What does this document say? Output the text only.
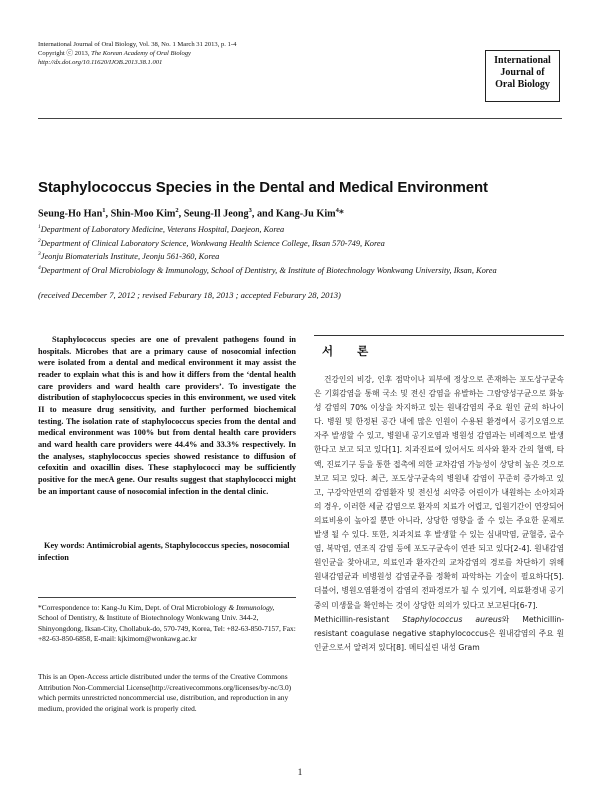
International Journal of Oral Biology, Vol. 38, No. 1 March 31 2013, p. 1-4
Copyright ⓒ 2013, The Korean Academy of Oral Biology
http://dx.doi.org/10.11620/IJOB.2013.38.1.001	International
Journal of
Oral Biology
Staphylococcus Species in the Dental and Medical Environment
Seung-Ho Han$^1$, Shin-Moo Kim$^2$, Seung-Il Jeong$^3$, and Kang-Ju Kim$^4$*
$^1$Department of Laboratory Medicine, Veterans Hospital, Daejeon, Korea
$^2$Department of Clinical Laboratory Science, Wonkwang Health Science College, Iksan 570-749, Korea
$^3$Jeonju Biomaterials Institute, Jeonju 561-360, Korea
$^4$Department of Oral Microbiology & Immunology, School of Dentistry, & Institute of Biotechnology Wonkwang University, Iksan, Korea
(received December 7, 2012 ; revised Feburary 18, 2013 ; accepted Feburary 28, 2013)

Staphylococcus species are one of prevalent pathogens found in hospitals. Microbes that are a primary cause of nosocomial infection were isolated from a dental and medical environment it may assist the reader to explain what this is and how it differs from the ‘dental health care providers and ward health care providers’. To investigate the distribution of staphylococcus species in this environment, we used vitek II to measure drug sensitivity, and further performed biochemical testing. The isolation rate of staphylococcus species from the dental and medical environment was 100% but from dental health care providers and ward health care providers were 44.4% and 33.3% respectively. In the analyses, staphylococcus species showed resistance to diffusion of cefoxitin and oxacillin dises. These staphylococci may be sufficiently positive for the mecA gene. Our results suggest that staphylococci might be an important cause of nosocomial infection in the dental clinic.

Key words: Antimicrobial agents, Staphylococcus species, nosocomial infection

*Correspondence to: Kang-Ju Kim, Dept. of Oral Microbiology & Immunology, School of Dentistry, & Institute of Biotechnology Wonkwang Univ. 344-2, Shinyongdong, Iksan-City, Chollabuk-do, 570-749, Korea, Tel: +82-63-850-7157, Fax: +82-63-850-6858, E-mail: kjkimom@wonkawg.ac.kr

This is an Open-Access article distributed under the terms of the Creative Commons Attribution Non-Commercial License(http://creativecommons.org/licenses/by-nc/3.0) which permits unrestricted noncommercial use, distribution, and reproduction in any medium, provided the original work is properly cited.

서 론

건강인의 비강, 인후 점막이나 피부에 정상으로 존재하는 포도상구균속은 기회감염을 통해 국소 및 전신 감염을 유발하는 그람양성구균으로 화농성 감염의 70% 이상을 차지하고 있는 원내감염의 주요 원인 균의 하나이다. 병원 및 한정된 공간 내에 많은 인원이 수용된 환경에서 공기오염으로 자주 발생할 수 있고, 병원내 공기오염과 병원성 감염과는 비례적으로 발생한다고 보고 되고 있다[1]. 치과진료에 있어서도 의사와 환자 간의 혈액, 타액, 진료기구 등을 통한 접촉에 의한 교차감염 가능성이 상당히 높은 것으로 보고 되고 있다. 최근, 포도상구균속의 병원내 감염이 꾸준히 증가하고 있고, 구강악안면의 감염환자 및 전신성 쇠약증 어린이가 내원하는 소아치과의 경우, 이러한 세균 감염으로 환자의 치료가 어렵고, 입원기간이 연장되어 의료비용이 높아질 뿐만 아니라, 상당한 영향을 줄 수 있는 주요한 문제로 발생 될 수 있다. 또한, 치과치료 후 발생할 수 있는 심내막염, 균혈증, 골수염, 복막염, 연조직 감염 등에 포도구균속이 연관 되고 있다[2-4]. 원내감염 원인균을 찾아내고, 의료인과 환자간의 교차감염의 경로를 차단하기 위해 원내감염균과 비병원성 감염균주를 정확히 파악하는 기술이 필요하다[5]. 더불어, 병원오염환경이 감염의 전파경로가 될 수 있기에, 의료환경내 공기 중의 미생물을 확인하는 것이 상당한 의의가 있다고 보고된다[6-7].

Methicillin-resistant Staphylococcus aureus와 Methicillin-resistant coagulase negative staphylococcus은 원내감염의 주요 원인균으로서 알려져 있다[8]. 메티실린 내성 Gram

1
